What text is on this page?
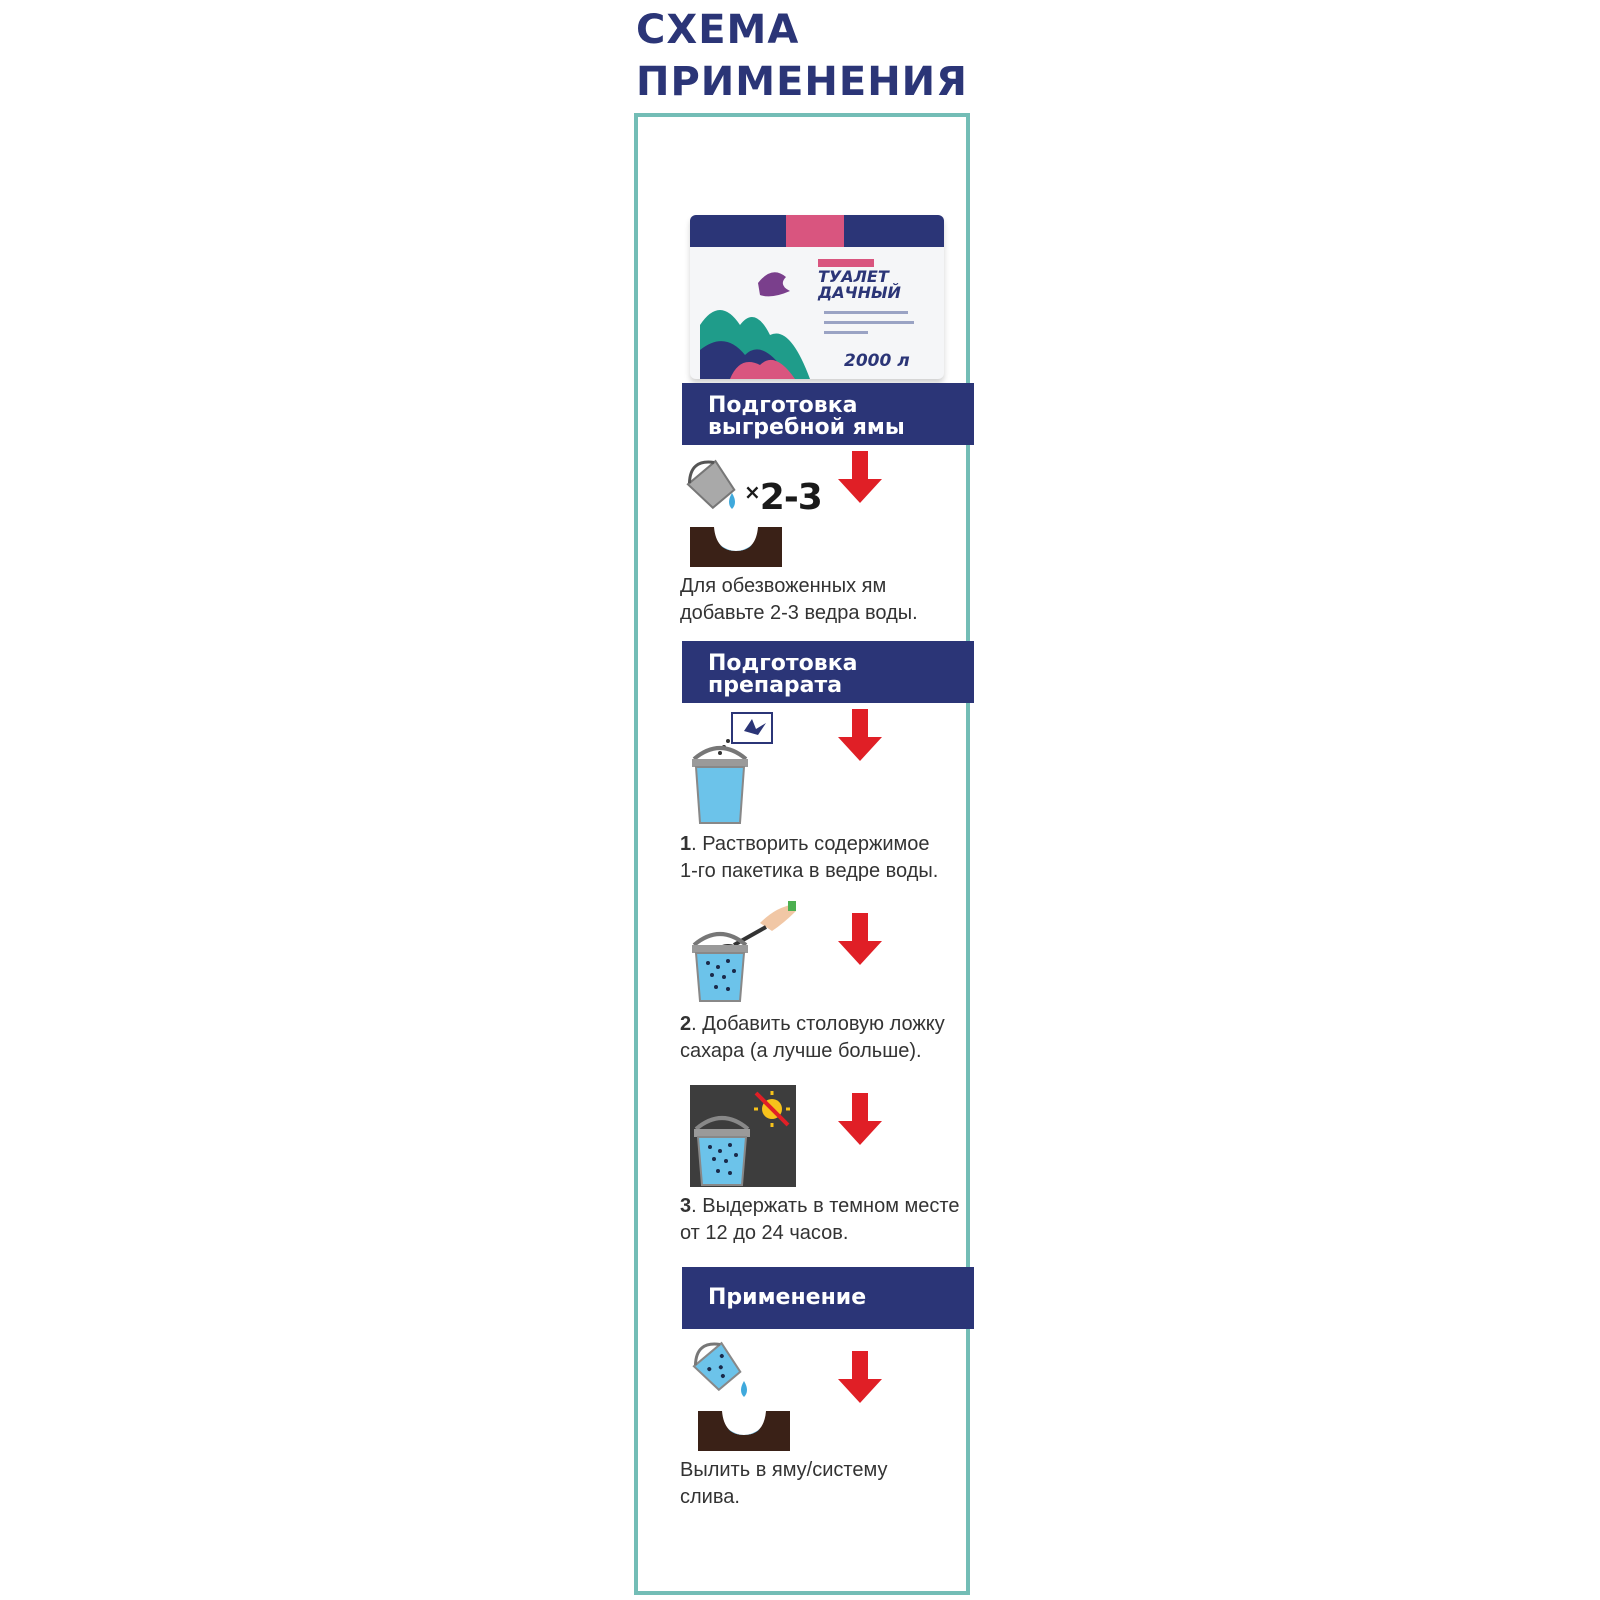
СХЕМА
ПРИМЕНЕНИЯ
ТУАЛЕТ
ДАЧНЫЙ
2000 л
Подготовка
выгребной ямы
×2-3
Для обезвоженных ям
добавьте 2-3 ведра воды.
Подготовка
препарата
1. Растворить содержимое
1-го пакетика в ведре воды.
2. Добавить столовую ложку
сахара (а лучше больше).
3. Выдержать в темном месте
от 12 до 24 часов.
Применение
Вылить в яму/систему
слива.
